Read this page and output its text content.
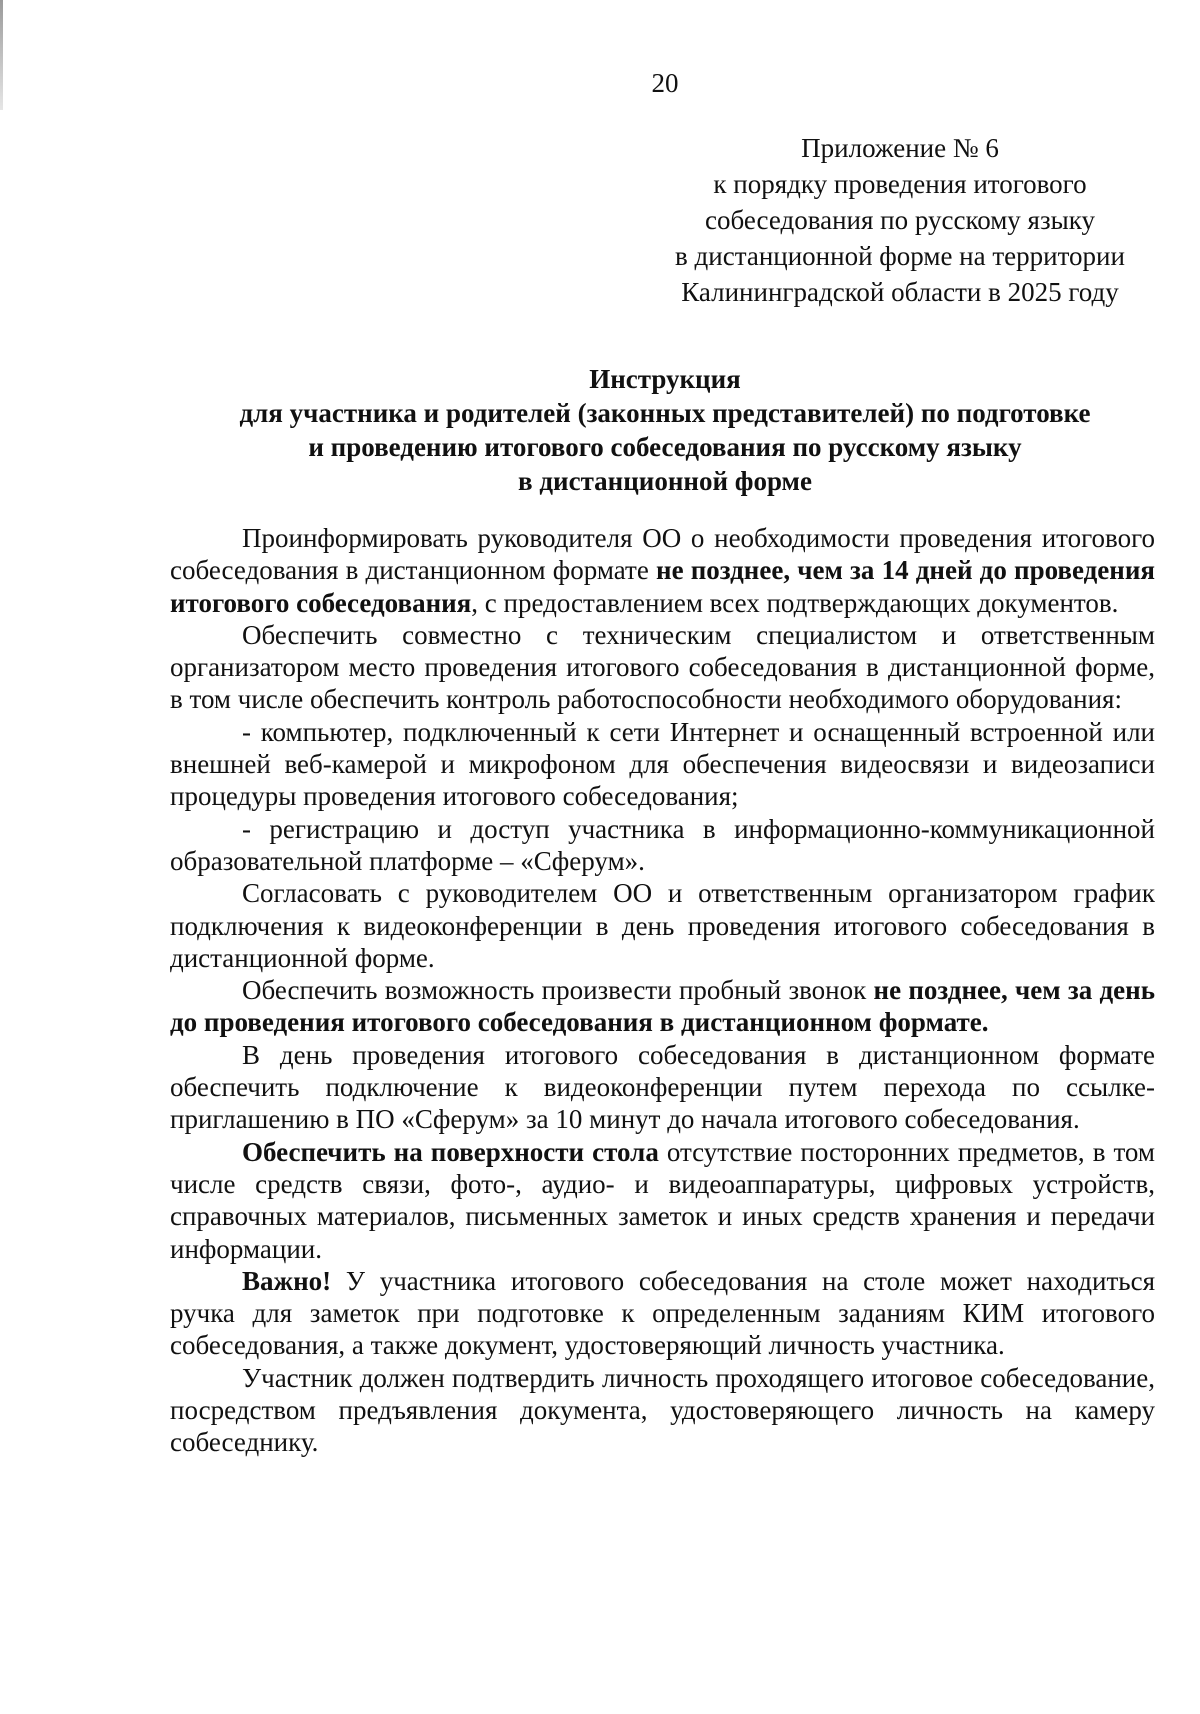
20
Приложение № 6
к порядку проведения итогового
собеседования по русскому языку
в дистанционной форме на территории
Калининградской области в 2025 году
Инструкция
для участника и родителей (законных представителей) по подготовке
и проведению итогового собеседования по русскому языку
в дистанционной форме

Проинформировать руководителя ОО о необходимости проведения итогового собеседования в дистанционном формате не позднее, чем за 14 дней до проведения итогового собеседования, с предоставлением всех подтверждающих документов.

Обеспечить совместно с техническим специалистом и ответственным организатором место проведения итогового собеседования в дистанционной форме, в том числе обеспечить контроль работоспособности необходимого оборудования:

- компьютер, подключенный к сети Интернет и оснащенный встроенной или внешней веб-камерой и микрофоном для обеспечения видеосвязи и видеозаписи процедуры проведения итогового собеседования;

- регистрацию и доступ участника в информационно-коммуникационной образовательной платформе – «Сферум».

Согласовать с руководителем ОО и ответственным организатором график подключения к видеоконференции в день проведения итогового собеседования в дистанционной форме.

Обеспечить возможность произвести пробный звонок не позднее, чем за день до проведения итогового собеседования в дистанционном формате.

В день проведения итогового собеседования в дистанционном формате обеспечить подключение к видеоконференции путем перехода по ссылке-приглашению в ПО «Сферум» за 10 минут до начала итогового собеседования.

Обеспечить на поверхности стола отсутствие посторонних предметов, в том числе средств связи, фото-, аудио- и видеоаппаратуры, цифровых устройств, справочных материалов, письменных заметок и иных средств хранения и передачи информации.

Важно! У участника итогового собеседования на столе может находиться ручка для заметок при подготовке к определенным заданиям КИМ итогового собеседования, а также документ, удостоверяющий личность участника.

Участник должен подтвердить личность проходящего итоговое собеседование, посредством предъявления документа, удостоверяющего личность на камеру собеседнику.
